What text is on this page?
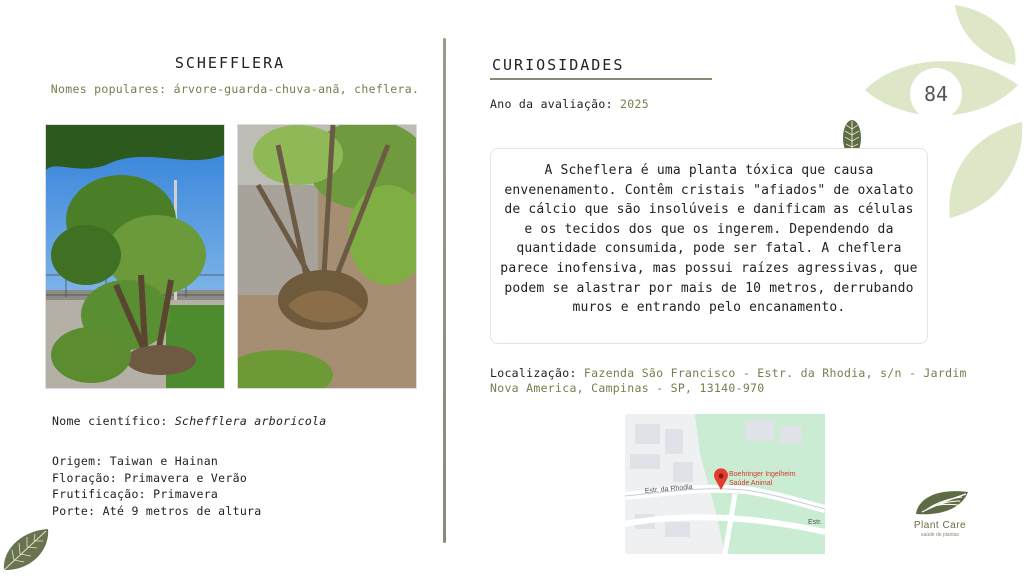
84
SCHEFFLERA
Nomes populares: árvore-guarda-chuva-anã, cheflera.
Nome científico: Schefflera arboricola
Origem: Taiwan e Hainan
Floração: Primavera e Verão
Frutificação: Primavera
Porte: Até 9 metros de altura
CURIOSIDADES
Ano da avaliação: 2025
A Scheflera é uma planta tóxica que causa envenenamento. Contêm cristais "afiados" de oxalato de cálcio que são insolúveis e danificam as células e os tecidos dos que os ingerem. Dependendo da quantidade consumida, pode ser fatal. A cheflera parece inofensiva, mas possui raízes agressivas, que podem se alastrar por mais de 10 metros, derrubando muros e entrando pelo encanamento.
Localização: Fazenda São Francisco - Estr. da Rhodia, s/n - Jardim Nova America, Campinas - SP, 13140-970
Estr. da Rhodia
Estr.
Boehringer Ingelheim
Saúde Animal
Plant Care
saúde de plantas
